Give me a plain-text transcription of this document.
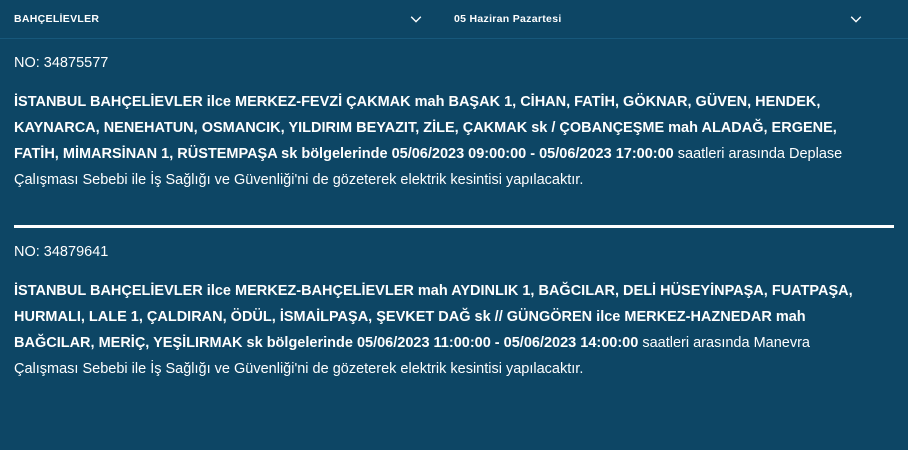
BAHÇELİEVLER	05 Haziran Pazartesi
NO: 34875577
İSTANBUL BAHÇELİEVLER ilce MERKEZ-FEVZİ ÇAKMAK mah BAŞAK 1, CİHAN, FATİH, GÖKNAR, GÜVEN, HENDEK, KAYNARCA, NENEHATUN, OSMANCIK, YILDIRIM BEYAZIT, ZİLE, ÇAKMAK sk / ÇOBANÇEŞME mah ALADAĞ, ERGENE, FATİH, MİMARSİNAN 1, RÜSTEMPAŞA sk bölgelerinde 05/06/2023 09:00:00 - 05/06/2023 17:00:00 saatleri arasında Deplase Çalışması Sebebi ile İş Sağlığı ve Güvenliği'ni de gözeterek elektrik kesintisi yapılacaktır.
NO: 34879641
İSTANBUL BAHÇELİEVLER ilce MERKEZ-BAHÇELİEVLER mah AYDINLIK 1, BAĞCILAR, DELİ HÜSEYİNPAŞA, FUATPAŞA, HURMALI, LALE 1, ÇALDIRAN, ÖDÜL, İSMAİLPAŞA, ŞEVKET DAĞ sk // GÜNGÖREN ilce MERKEZ-HAZNEDAR mah BAĞCILAR, MERİÇ, YEŞİLIRMAK sk bölgelerinde 05/06/2023 11:00:00 - 05/06/2023 14:00:00 saatleri arasında Manevra Çalışması Sebebi ile İş Sağlığı ve Güvenliği'ni de gözeterek elektrik kesintisi yapılacaktır.
